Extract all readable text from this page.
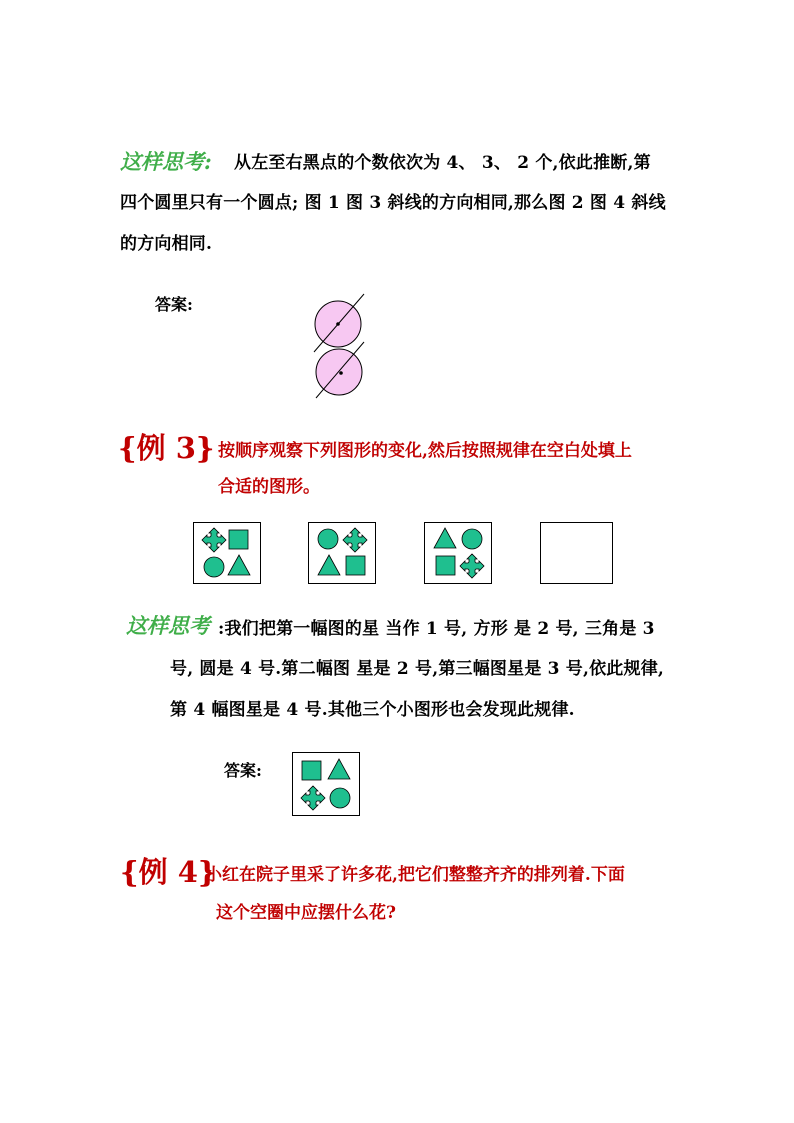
这样思考: 从左至右黑点的个数依次为 4、 3、 2 个,依此推断,第
四个圆里只有一个圆点; 图 1 图 3 斜线的方向相同,那么图 2 图 4 斜线
的方向相同.
答案:
{例 3} 按顺序观察下列图形的变化,然后按照规律在空白处填上
合适的图形。
这样思考 :我们把第一幅图的星 当作 1 号, 方形 是 2 号, 三角是 3
号, 圆是 4 号.第二幅图 星是 2 号,第三幅图星是 3 号,依此规律,
第 4 幅图星是 4 号.其他三个小图形也会发现此规律.
答案:
{例 4}
小红在院子里采了许多花,把它们整整齐齐的排列着.下面
这个空圈中应摆什么花?
